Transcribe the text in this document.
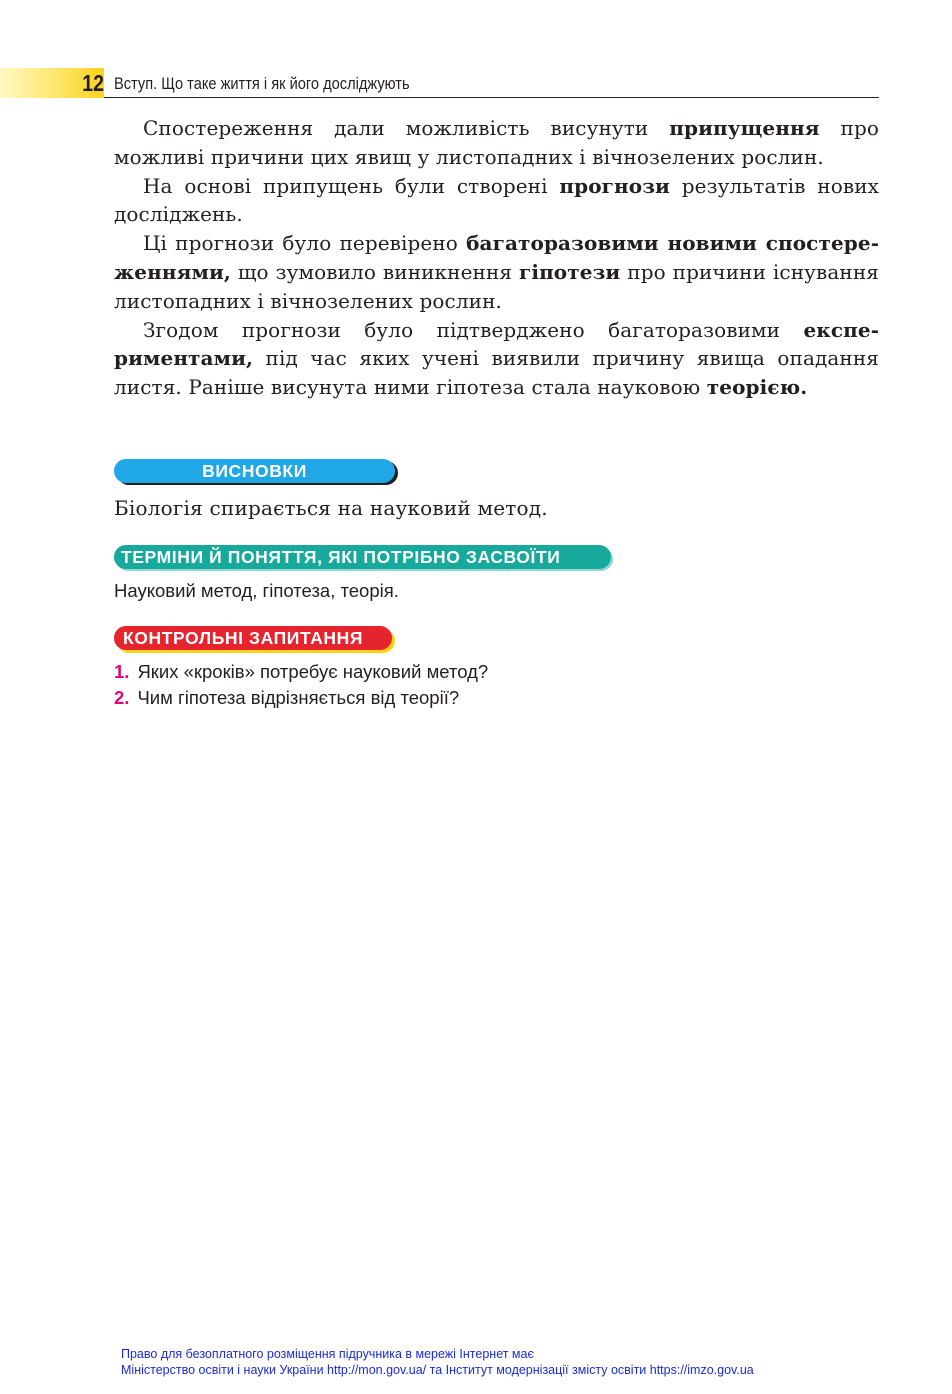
12 Вступ. Що таке життя і як його досліджують

Спостереження дали можливість висунути припущення про можливі причини цих явищ у листопадних і вічнозелених рослин.

На основі припущень були створені прогнози результатів нових досліджень.

Ці прогнози було перевірено багаторазовими новими спостереженнями, що зумовило виникнення гіпотези про причини існування листопадних і вічнозелених рослин.

Згодом прогнози було підтверджено багаторазовими експериментами, під час яких учені виявили причину явища опадання листя. Раніше висунута ними гіпотеза стала науковою теорією.

ВИСНОВКИ
Біологія спирається на науковий метод.
ТЕРМІНИ Й ПОНЯТТЯ, ЯКІ ПОТРІБНО ЗАСВОЇТИ
Науковий метод, гіпотеза, теорія.
КОНТРОЛЬНІ ЗАПИТАННЯ
1. Яких «кроків» потребує науковий метод?
2. Чим гіпотеза відрізняється від теорії?
Право для безоплатного розміщення підручника в мережі Інтернет має
Міністерство освіти і науки України http://mon.gov.ua/ та Інститут модернізації змісту освіти https://imzo.gov.ua
